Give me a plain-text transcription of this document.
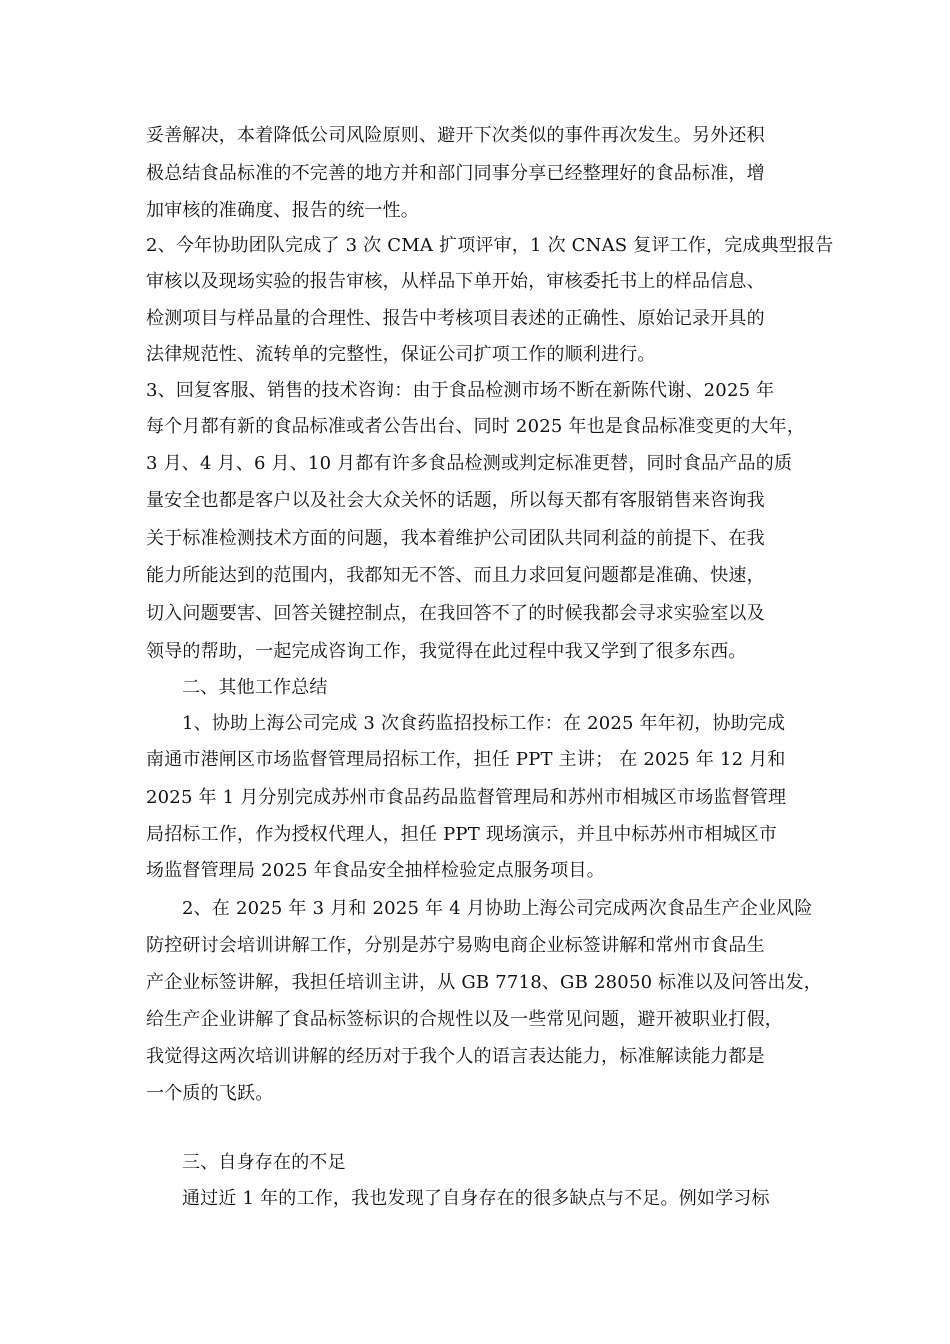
妥善解决，本着降低公司风险原则、避开下次类似的事件再次发生。另外还积
极总结食品标准的不完善的地方并和部门同事分享已经整理好的食品标准，增
加审核的准确度、报告的统一性。
2、今年协助团队完成了 3 次 CMA 扩项评审，1 次 CNAS 复评工作，完成典型报告
审核以及现场实验的报告审核，从样品下单开始，审核委托书上的样品信息、
检测项目与样品量的合理性、报告中考核项目表述的正确性、原始记录开具的
法律规范性、流转单的完整性，保证公司扩项工作的顺利进行。
3、回复客服、销售的技术咨询：由于食品检测市场不断在新陈代谢、2025 年
每个月都有新的食品标准或者公告出台、同时 2025 年也是食品标准变更的大年，
3 月、4 月、6 月、10 月都有许多食品检测或判定标准更替，同时食品产品的质
量安全也都是客户以及社会大众关怀的话题，所以每天都有客服销售来咨询我
关于标准检测技术方面的问题，我本着维护公司团队共同利益的前提下、在我
能力所能达到的范围内，我都知无不答、而且力求回复问题都是准确、快速，
切入问题要害、回答关键控制点，在我回答不了的时候我都会寻求实验室以及
领导的帮助，一起完成咨询工作，我觉得在此过程中我又学到了很多东西。
二、其他工作总结
1、协助上海公司完成 3 次食药监招投标工作：在 2025 年年初，协助完成
南通市港闸区市场监督管理局招标工作，担任 PPT 主讲； 在 2025 年 12 月和
2025 年 1 月分别完成苏州市食品药品监督管理局和苏州市相城区市场监督管理
局招标工作，作为授权代理人，担任 PPT 现场演示，并且中标苏州市相城区市
场监督管理局 2025 年食品安全抽样检验定点服务项目。
2、在 2025 年 3 月和 2025 年 4 月协助上海公司完成两次食品生产企业风险
防控研讨会培训讲解工作，分别是苏宁易购电商企业标签讲解和常州市食品生
产企业标签讲解，我担任培训主讲，从 GB 7718、GB 28050 标准以及问答出发，
给生产企业讲解了食品标签标识的合规性以及一些常见问题，避开被职业打假，
我觉得这两次培训讲解的经历对于我个人的语言表达能力，标准解读能力都是
一个质的飞跃。
三、自身存在的不足
通过近 1 年的工作，我也发现了自身存在的很多缺点与不足。例如学习标
